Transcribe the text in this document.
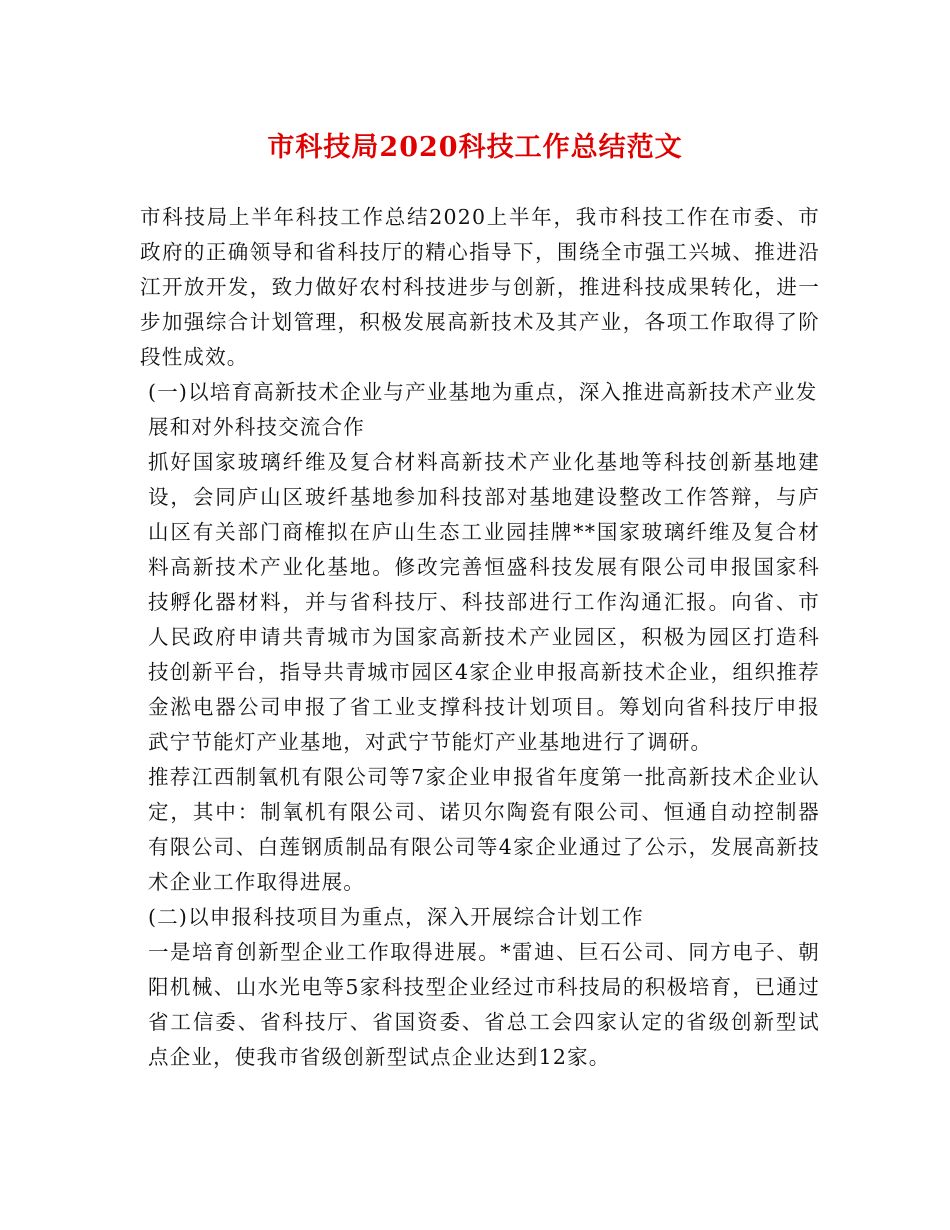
市科技局2020科技工作总结范文

市科技局上半年科技工作总结2020上半年，我市科技工作在市委、市政府的正确领导和省科技厅的精心指导下，围绕全市强工兴城、推进沿江开放开发，致力做好农村科技进步与创新，推进科技成果转化，进一步加强综合计划管理，积极发展高新技术及其产业，各项工作取得了阶段性成效。

(一)以培育高新技术企业与产业基地为重点，深入推进高新技术产业发展和对外科技交流合作

抓好国家玻璃纤维及复合材料高新技术产业化基地等科技创新基地建设，会同庐山区玻纤基地参加科技部对基地建设整改工作答辩，与庐山区有关部门商榷拟在庐山生态工业园挂牌**国家玻璃纤维及复合材料高新技术产业化基地。修改完善恒盛科技发展有限公司申报国家科技孵化器材料，并与省科技厅、科技部进行工作沟通汇报。向省、市人民政府申请共青城市为国家高新技术产业园区，积极为园区打造科技创新平台，指导共青城市园区4家企业申报高新技术企业，组织推荐金淞电器公司申报了省工业支撑科技计划项目。筹划向省科技厅申报武宁节能灯产业基地，对武宁节能灯产业基地进行了调研。

推荐江西制氧机有限公司等7家企业申报省年度第一批高新技术企业认定，其中：制氧机有限公司、诺贝尔陶瓷有限公司、恒通自动控制器有限公司、白莲钢质制品有限公司等4家企业通过了公示，发展高新技术企业工作取得进展。

(二)以申报科技项目为重点，深入开展综合计划工作

一是培育创新型企业工作取得进展。*雷迪、巨石公司、同方电子、朝阳机械、山水光电等5家科技型企业经过市科技局的积极培育，已通过省工信委、省科技厅、省国资委、省总工会四家认定的省级创新型试点企业，使我市省级创新型试点企业达到12家。
